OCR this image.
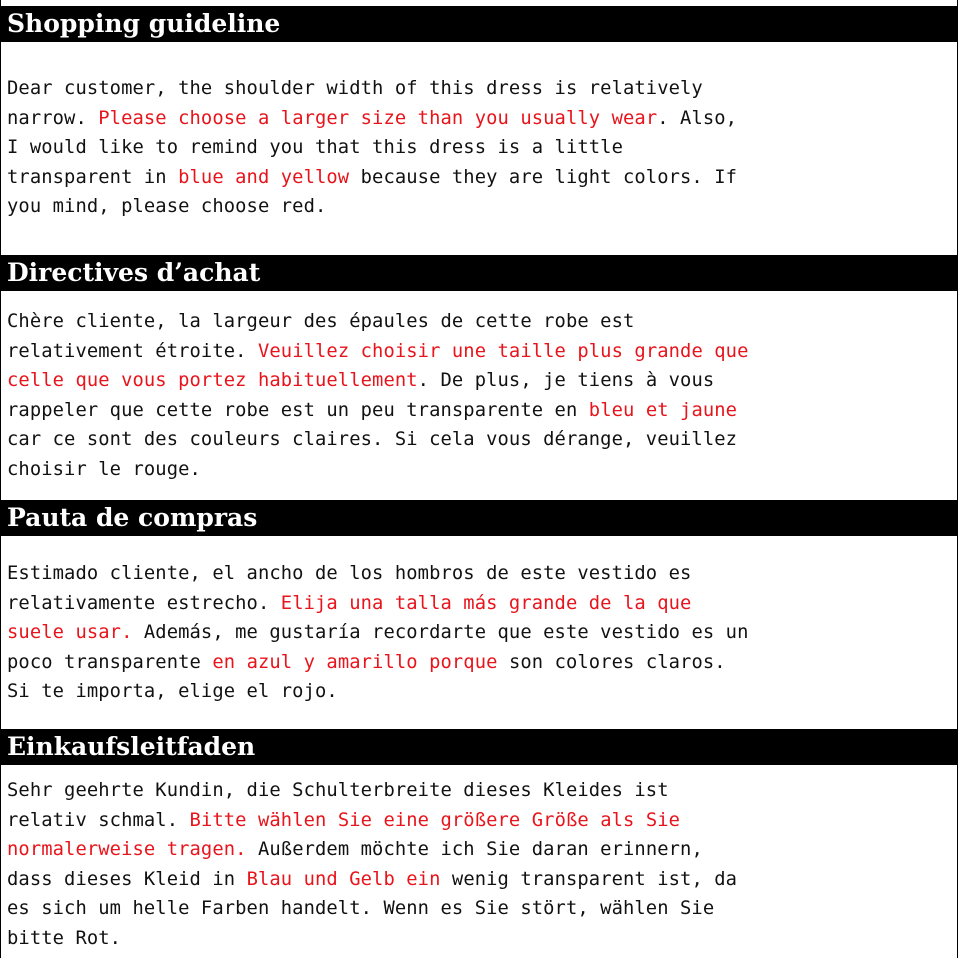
Shopping guideline
Dear customer, the shoulder width of this dress is relatively
narrow. Please choose a larger size than you usually wear. Also,
I would like to remind you that this dress is a little
transparent in blue and yellow because they are light colors. If
you mind, please choose red.
Directives d’achat
Chère cliente, la largeur des épaules de cette robe est
relativement étroite. Veuillez choisir une taille plus grande que
celle que vous portez habituellement. De plus, je tiens à vous
rappeler que cette robe est un peu transparente en bleu et jaune
car ce sont des couleurs claires. Si cela vous dérange, veuillez
choisir le rouge.
Pauta de compras
Estimado cliente, el ancho de los hombros de este vestido es
relativamente estrecho. Elija una talla más grande de la que
suele usar. Además, me gustaría recordarte que este vestido es un
poco transparente en azul y amarillo porque son colores claros.
Si te importa, elige el rojo.
Einkaufsleitfaden
Sehr geehrte Kundin, die Schulterbreite dieses Kleides ist
relativ schmal. Bitte wählen Sie eine größere Größe als Sie
normalerweise tragen. Außerdem möchte ich Sie daran erinnern,
dass dieses Kleid in Blau und Gelb ein wenig transparent ist, da
es sich um helle Farben handelt. Wenn es Sie stört, wählen Sie
bitte Rot.
